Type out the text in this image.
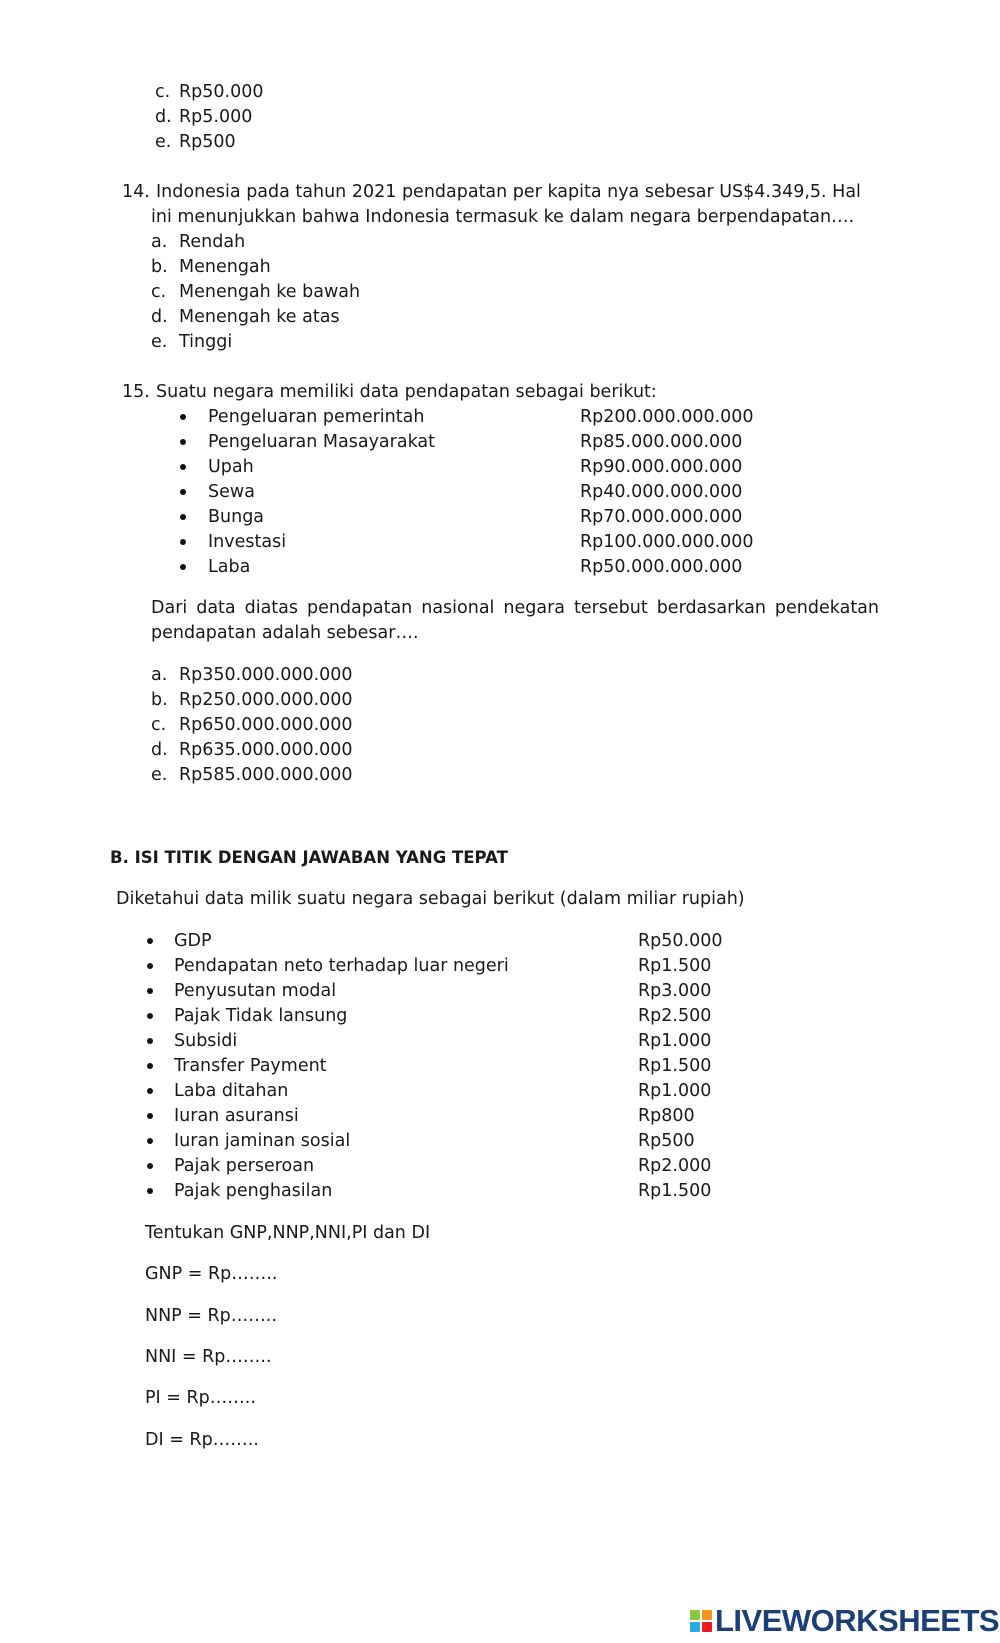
c. Rp50.000
d. Rp5.000
e. Rp500
14. Indonesia pada tahun 2021 pendapatan per kapita nya sebesar US$4.349,5. Hal
ini menunjukkan bahwa Indonesia termasuk ke dalam negara berpendapatan….
a. Rendah
b. Menengah
c. Menengah ke bawah
d. Menengah ke atas
e. Tinggi
15. Suatu negara memiliki data pendapatan sebagai berikut:
Pengeluaran pemerintah	Rp200.000.000.000
Pengeluaran Masayarakat	Rp85.000.000.000
Upah	Rp90.000.000.000
Sewa	Rp40.000.000.000
Bunga	Rp70.000.000.000
Investasi	Rp100.000.000.000
Laba	Rp50.000.000.000
Dari data diatas pendapatan nasional negara tersebut berdasarkan pendekatan
pendapatan adalah sebesar….
a. Rp350.000.000.000
b. Rp250.000.000.000
c. Rp650.000.000.000
d. Rp635.000.000.000
e. Rp585.000.000.000
B. ISI TITIK DENGAN JAWABAN YANG TEPAT
Diketahui data milik suatu negara sebagai berikut (dalam miliar rupiah)
GDP	Rp50.000
Pendapatan neto terhadap luar negeri	Rp1.500
Penyusutan modal	Rp3.000
Pajak Tidak lansung	Rp2.500
Subsidi	Rp1.000
Transfer Payment	Rp1.500
Laba ditahan	Rp1.000
Iuran asuransi	Rp800
Iuran jaminan sosial	Rp500
Pajak perseroan	Rp2.000
Pajak penghasilan	Rp1.500
Tentukan GNP,NNP,NNI,PI dan DI
GNP = Rp……..
NNP = Rp……..
NNI = Rp……..
PI = Rp……..
DI = Rp……..
LIVEWORKSHEETS
